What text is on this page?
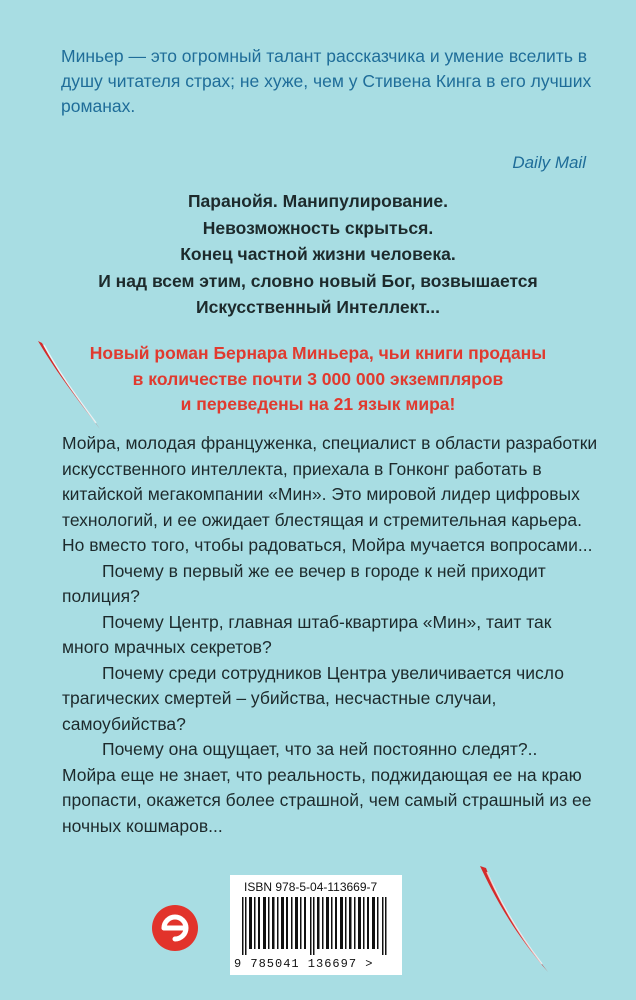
Миньер — это огромный талант рассказчика и умение вселить в душу читателя страх; не хуже, чем у Стивена Кинга в его лучших романах.
Daily Mail
Паранойя. Манипулирование.
Невозможность скрыться.
Конец частной жизни человека.
И над всем этим, словно новый Бог, возвышается
Искусственный Интеллект...
Новый роман Бернара Миньера, чьи книги проданы
в количестве почти 3 000 000 экземпляров
и переведены на 21 язык мира!

Мойра, молодая француженка, специалист в области разработки искусственного интеллекта, приехала в Гонконг работать в китайской мегакомпании «Мин». Это мировой лидер цифровых технологий, и ее ожидает блестящая и стремительная карьера. Но вместо того, чтобы радоваться, Мойра мучается вопросами...

Почему в первый же ее вечер в городе к ней приходит полиция?

Почему Центр, главная штаб-квартира «Мин», таит так много мрачных секретов?

Почему среди сотрудников Центра увеличивается число трагических смертей – убийства, несчастные случаи, самоубийства?

Почему она ощущает, что за ней постоянно следят?..

Мойра еще не знает, что реальность, поджидающая ее на краю пропасти, окажется более страшной, чем самый страшный из ее ночных кошмаров...

ISBN 978-5-04-113669-7
9 785041 136697 >
